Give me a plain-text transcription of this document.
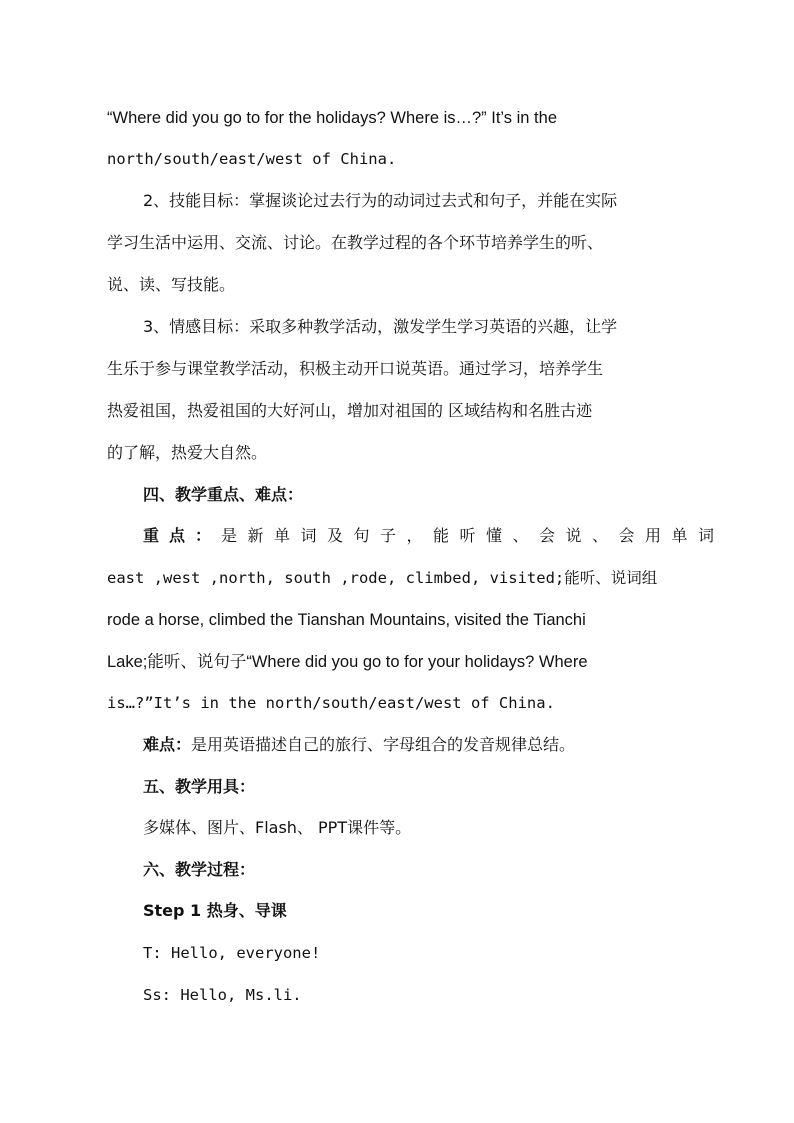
“Where did you go to for the holidays? Where is…?” It’s in the
north/south/east/west of China.
2、技能目标：掌握谈论过去行为的动词过去式和句子，并能在实际
学习生活中运用、交流、讨论。在教学过程的各个环节培养学生的听、
说、读、写技能。
3、情感目标：采取多种教学活动，激发学生学习英语的兴趣，让学
生乐于参与课堂教学活动，积极主动开口说英语。通过学习，培养学生
热爱祖国，热爱祖国的大好河山，增加对祖国的 区域结构和名胜古迹
的了解，热爱大自然。
四、教学重点、难点：
重点： 是新单词及句子，能听懂、会说、会用单词
east ,west ,north, south ,rode, climbed, visited;能听、说词组
rode a horse, climbed the Tianshan Mountains, visited the Tianchi
Lake;能听、说句子“Where did you go to for your holidays? Where
is…?”It’s in the north/south/east/west of China.
难点：是用英语描述自己的旅行、字母组合的发音规律总结。
五、教学用具：
多媒体、图片、Flash、 PPT课件等。
六、教学过程：
Step 1 热身、导课
T: Hello, everyone!
Ss: Hello, Ms.li.
